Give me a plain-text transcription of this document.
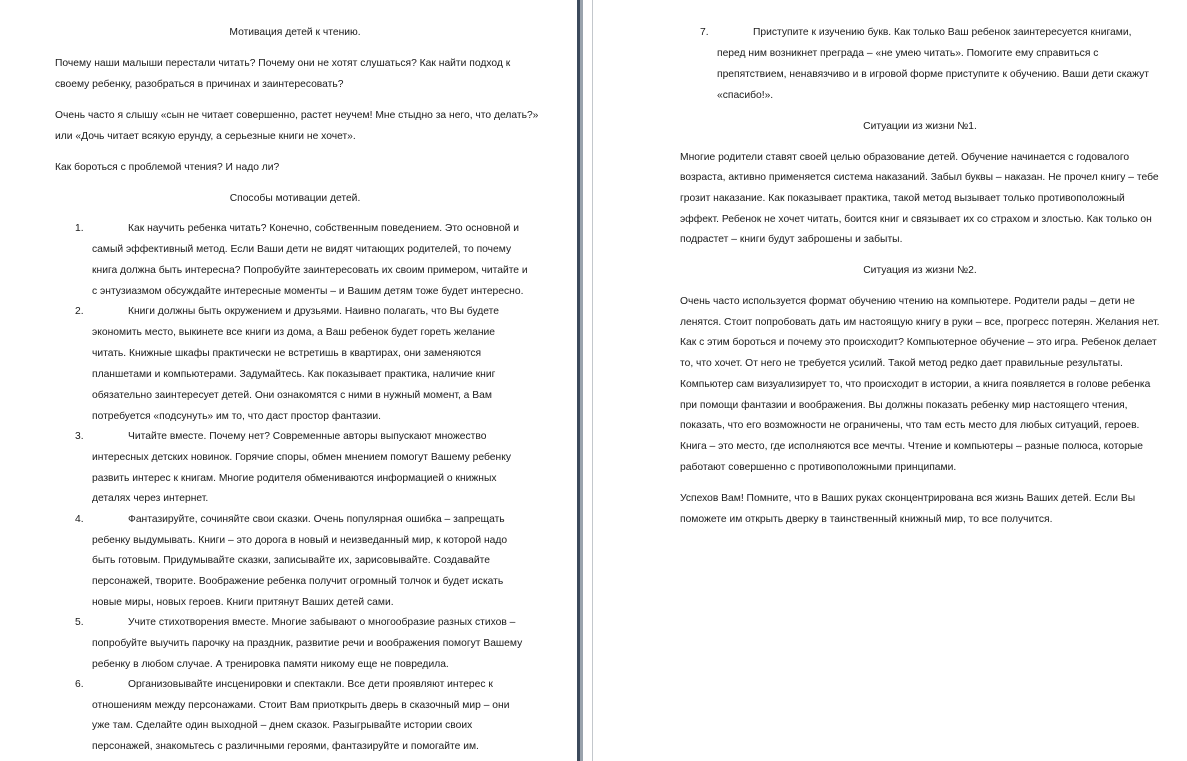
Мотивация детей к чтению.
Почему наши малыши перестали читать? Почему они не хотят слушаться? Как найти подход к
своему ребенку, разобраться в причинах и заинтересовать?
Очень часто я слышу «сын не читает совершенно, растет неучем! Мне стыдно за него, что делать?»
или «Дочь читает всякую ерунду, а серьезные книги не хочет».
Как бороться с проблемой чтения? И надо ли?
Способы мотивации детей.
1.	Как научить ребенка читать? Конечно, собственным поведением. Это основной и
самый эффективный метод. Если Ваши дети не видят читающих родителей, то почему
книга должна быть интересна? Попробуйте заинтересовать их своим примером, читайте и
с энтузиазмом обсуждайте интересные моменты – и Вашим детям тоже будет интересно.
2.	Книги должны быть окружением и друзьями. Наивно полагать, что Вы будете
экономить место, выкинете все книги из дома, а Ваш ребенок будет гореть желание
читать. Книжные шкафы практически не встретишь в квартирах, они заменяются
планшетами и компьютерами. Задумайтесь. Как показывает практика, наличие книг
обязательно заинтересует детей. Они ознакомятся с ними в нужный момент, а Вам
потребуется «подсунуть» им то, что даст простор фантазии.
3.	Читайте вместе. Почему нет? Современные авторы выпускают множество
интересных детских новинок. Горячие споры, обмен мнением помогут Вашему ребенку
развить интерес к книгам. Многие родителя обмениваются информацией о книжных
деталях через интернет.
4.	Фантазируйте, сочиняйте свои сказки. Очень популярная ошибка – запрещать
ребенку выдумывать. Книги – это дорога в новый и неизведанный мир, к которой надо
быть готовым. Придумывайте сказки, записывайте их, зарисовывайте. Создавайте
персонажей, творите. Воображение ребенка получит огромный толчок и будет искать
новые миры, новых героев. Книги притянут Ваших детей сами.
5.	Учите стихотворения вместе. Многие забывают о многообразие разных стихов –
попробуйте выучить парочку на праздник, развитие речи и воображения помогут Вашему
ребенку в любом случае. А тренировка памяти никому еще не повредила.
6.	Организовывайте инсценировки и спектакли. Все дети проявляют интерес к
отношениям между персонажами. Стоит Вам приоткрыть дверь в сказочный мир – они
уже там. Сделайте один выходной – днем сказок. Разыгрывайте истории своих
персонажей, знакомьтесь с различными героями, фантазируйте и помогайте им.
7.	Приступите к изучению букв. Как только Ваш ребенок заинтересуется книгами,
перед ним возникнет преграда – «не умею читать». Помогите ему справиться с
препятствием, ненавязчиво и в игровой форме приступите к обучению. Ваши дети скажут
«спасибо!».
Ситуации из жизни №1.
Многие родители ставят своей целью образование детей. Обучение начинается с годовалого
возраста, активно применяется система наказаний. Забыл буквы – наказан. Не прочел книгу – тебе
грозит наказание. Как показывает практика, такой метод вызывает только противоположный
эффект. Ребенок не хочет читать, боится книг и связывает их со страхом и злостью. Как только он
подрастет – книги будут заброшены и забыты.
Ситуация из жизни №2.
Очень часто используется формат обучению чтению на компьютере. Родители рады – дети не
ленятся. Стоит попробовать дать им настоящую книгу в руки – все, прогресс потерян. Желания нет.
Как с этим бороться и почему это происходит? Компьютерное обучение – это игра. Ребенок делает
то, что хочет. От него не требуется усилий. Такой метод редко дает правильные результаты.
Компьютер сам визуализирует то, что происходит в истории, а книга появляется в голове ребенка
при помощи фантазии и воображения. Вы должны показать ребенку мир настоящего чтения,
показать, что его возможности не ограничены, что там есть место для любых ситуаций, героев.
Книга – это место, где исполняются все мечты. Чтение и компьютеры – разные полюса, которые
работают совершенно с противоположными принципами.
Успехов Вам! Помните, что в Ваших руках сконцентрирована вся жизнь Ваших детей. Если Вы
поможете им открыть дверку в таинственный книжный мир, то все получится.
